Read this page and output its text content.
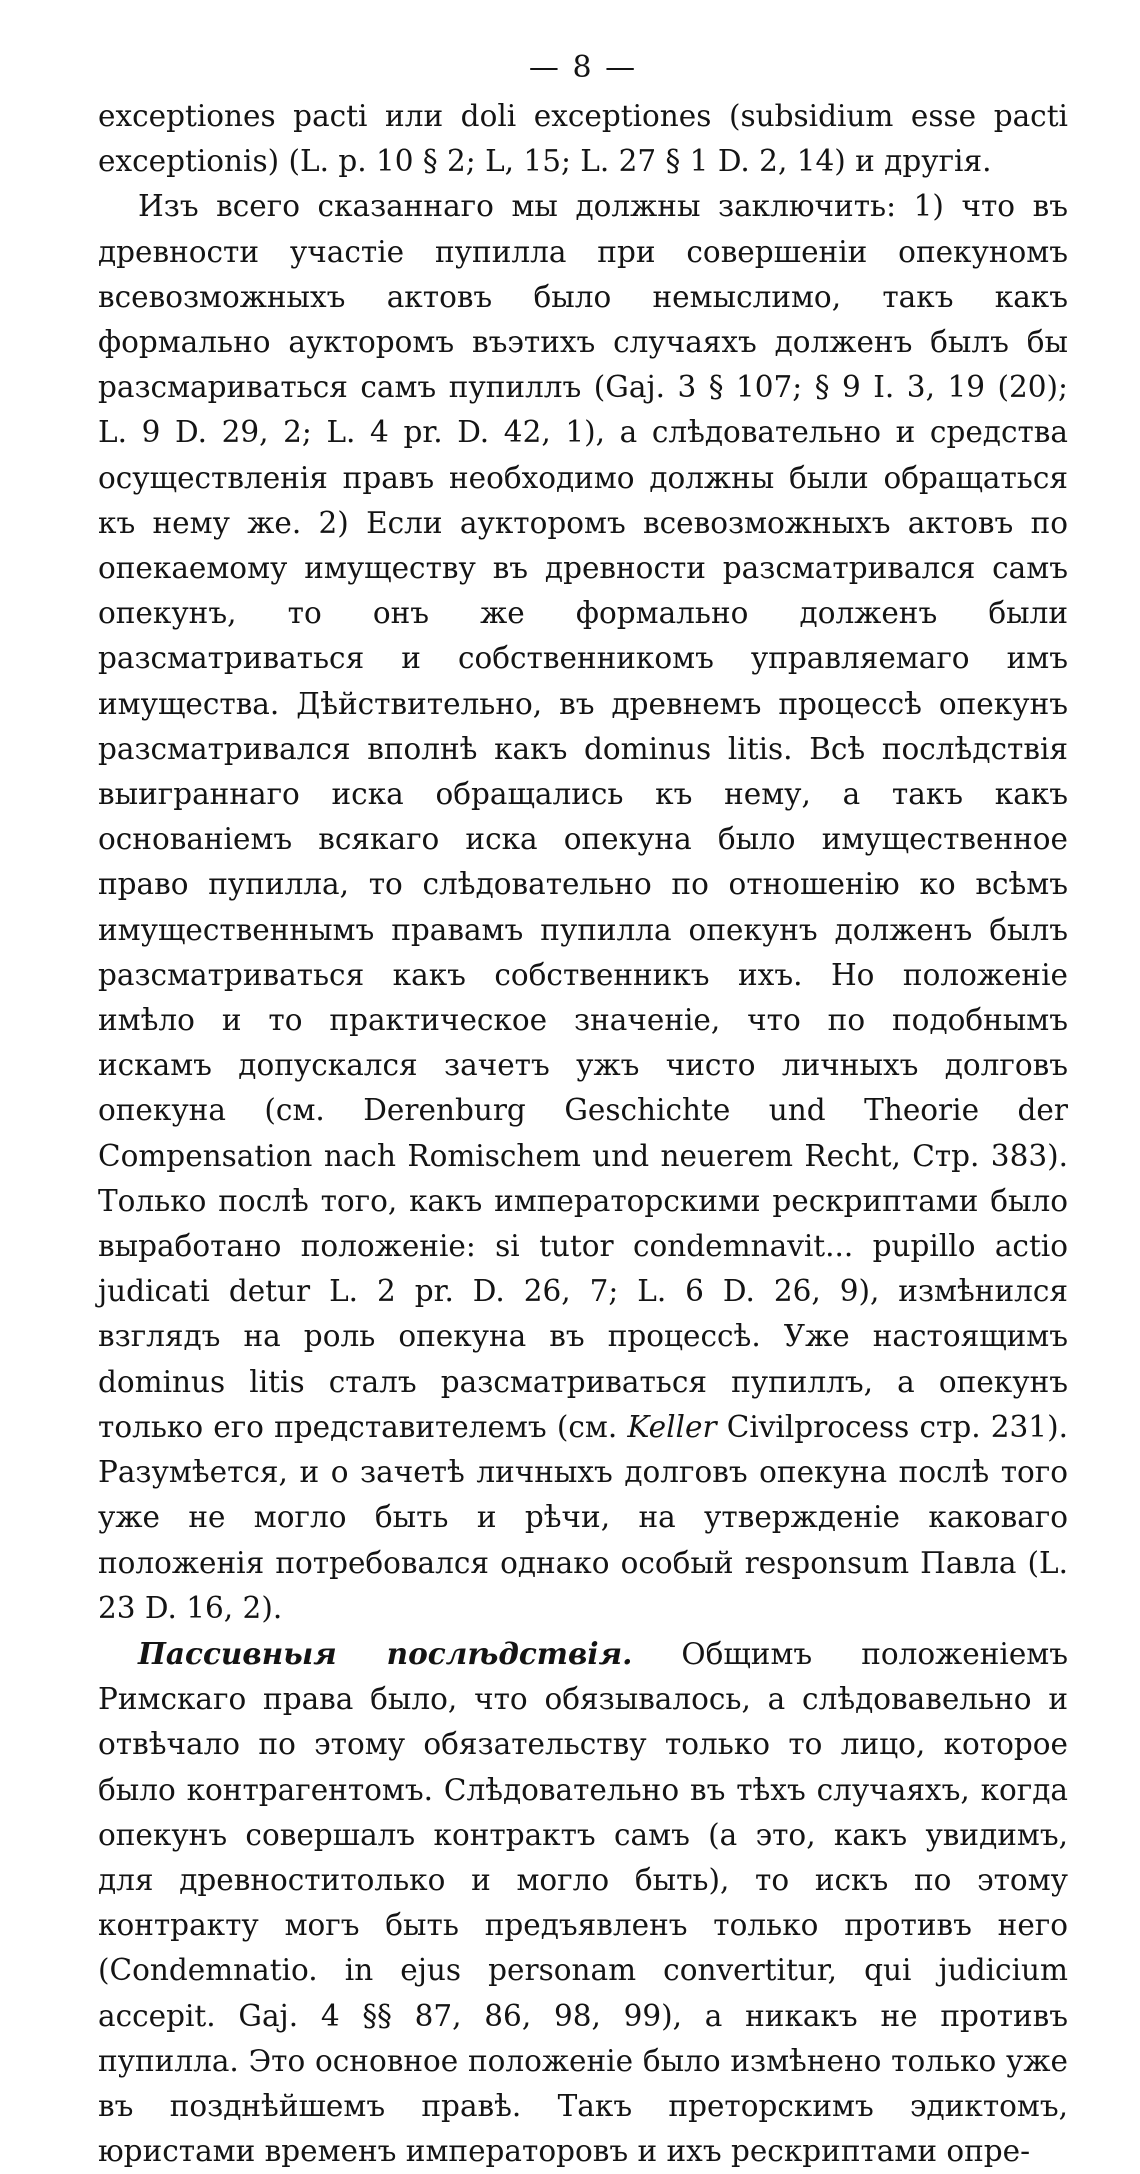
— 8 —

exceptiones pacti или doli exceptiones (subsidium esse pacti exceptionis) (L. p. 10 § 2; L, 15; L. 27 § 1 D. 2, 14) и другія.

Изъ всего сказаннаго мы должны заключить: 1) что въ древности участіе пупилла при совершеніи опекуномъ всевозможныхъ актовъ было немыслимо, такъ какъ формально аукторомъ въэтихъ случаяхъ долженъ былъ бы разсмариваться самъ пупиллъ (Gaj. 3 § 107; § 9 I. 3, 19 (20); L. 9 D. 29, 2; L. 4 pr. D. 42, 1), а слѣдовательно и средства осуществленія правъ необходимо должны были обращаться къ нему же. 2) Если аукторомъ всевозможныхъ актовъ по опекаемому имуществу въ древности разсматривался самъ опекунъ, то онъ же формально долженъ были разсматриваться и собственникомъ управляемаго имъ имущества. Дѣйствительно, въ древнемъ процессѣ опекунъ разсматривался вполнѣ какъ dominus litis. Всѣ послѣдствія выиграннаго иска обращались къ нему, а такъ какъ основаніемъ всякаго иска опекуна было имущественное право пупилла, то слѣдовательно по отношенію ко всѣмъ имущественнымъ правамъ пупилла опекунъ долженъ былъ разсматриваться какъ собственникъ ихъ. Но положеніе имѣло и то практическое значеніе, что по подобнымъ искамъ допускался зачетъ ужъ чисто личныхъ долговъ опекуна (см. Derenburg Geschichte und Theorie der Compensation nach Romischem und neuerem Recht, Стр. 383). Только послѣ того, какъ императорскими рескриптами было выработано положеніе: si tutor condemnavit... pupillo actio judicati detur L. 2 pr. D. 26, 7; L. 6 D. 26, 9), измѣнился взглядъ на роль опекуна въ процессѣ. Уже настоящимъ dominus litis сталъ разсматриваться пупиллъ, а опекунъ только его представителемъ (см. Keller Civilprocess стр. 231). Разумѣется, и о зачетѣ личныхъ долговъ опекуна послѣ того уже не могло быть и рѣчи, на утвержденіе каковаго положенія потребовался однако особый responsum Павла (L. 23 D. 16, 2).

Пассивныя послѣдствія. Общимъ положеніемъ Римскаго права было, что обязывалось, а слѣдовавельно и отвѣчало по этому обязательству только то лицо, которое было контрагентомъ. Слѣдовательно въ тѣхъ случаяхъ, когда опекунъ совершалъ контрактъ самъ (а это, какъ увидимъ, для древноститолько и могло быть), то искъ по этому контракту могъ быть предъявленъ только противъ него (Condemnatio. in ejus personam convertitur, qui judicium accepit. Gaj. 4 §§ 87, 86, 98, 99), а никакъ не противъ пупилла. Это основное положеніе было измѣнено только уже въ позднѣйшемъ правѣ. Такъ преторскимъ эдиктомъ, юристами временъ императоровъ и ихъ рескриптами опре-
